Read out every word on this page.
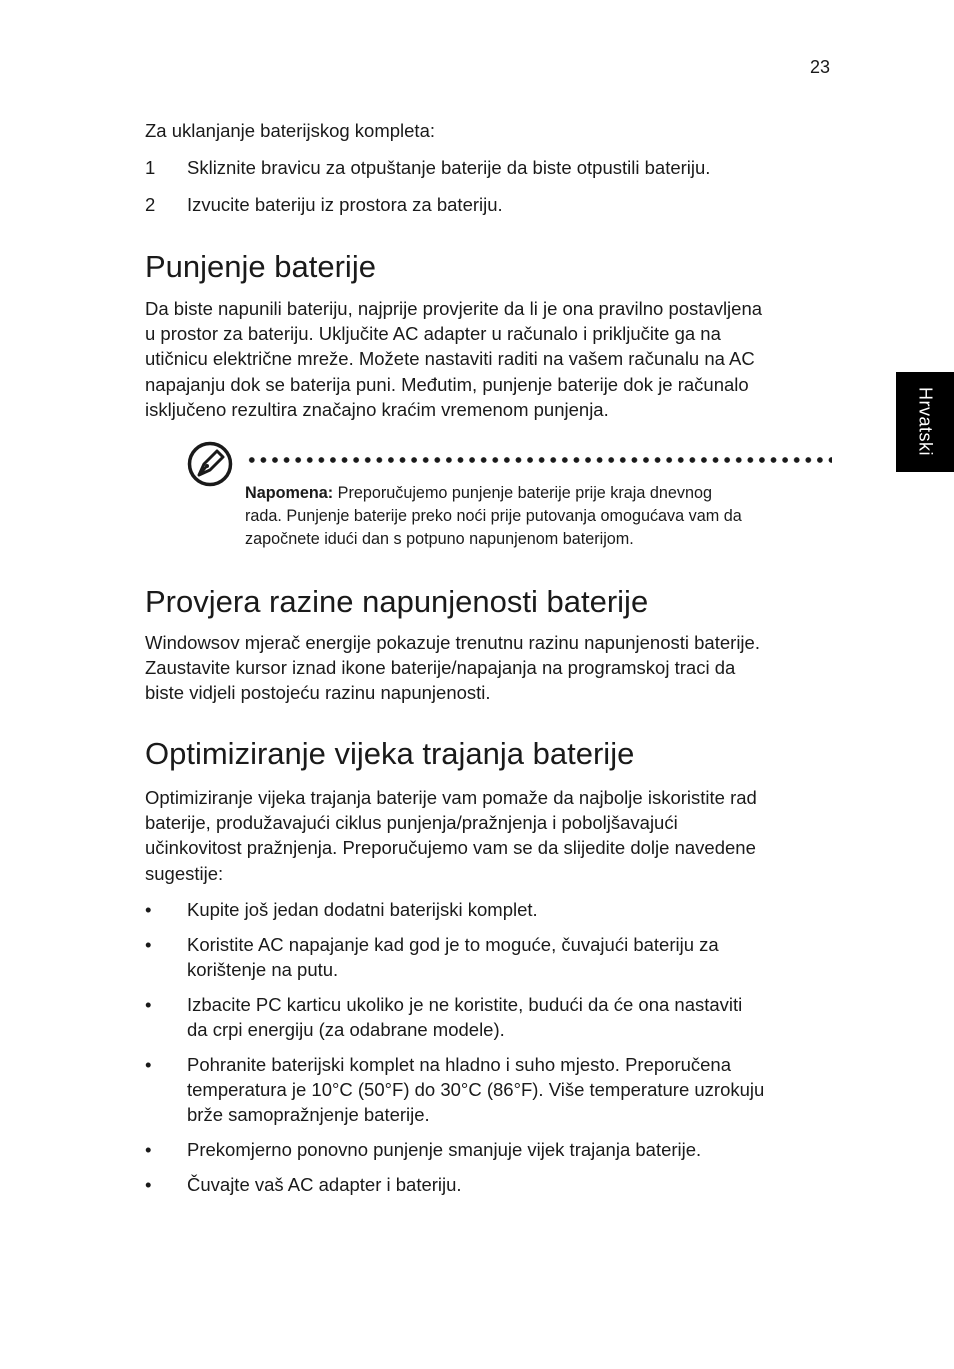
23
Hrvatski

Za uklanjanje baterijskog kompleta:

1 Skliznite bravicu za otpuštanje baterije da biste otpustili bateriju.
2 Izvucite bateriju iz prostora za bateriju.
Punjenje baterije
Da biste napunili bateriju, najprije provjerite da li je ona pravilno postavljena
u prostor za bateriju. Uključite AC adapter u računalo i priključite ga na
utičnicu električne mreže. Možete nastaviti raditi na vašem računalu na AC
napajanju dok se baterija puni. Međutim, punjenje baterije dok je računalo
isključeno rezultira značajno kraćim vremenom punjenja.
Provjera razine napunjenosti baterije
Windowsov mjerač energije pokazuje trenutnu razinu napunjenosti baterije.
Zaustavite kursor iznad ikone baterije/napajanja na programskoj traci da
biste vidjeli postojeću razinu napunjenosti.
Optimiziranje vijeka trajanja baterije
Optimiziranje vijeka trajanja baterije vam pomaže da najbolje iskoristite rad
baterije, produžavajući ciklus punjenja/pražnjenja i poboljšavajući
učinkovitost pražnjenja. Preporučujemo vam se da slijedite dolje navedene
sugestije:
• Kupite još jedan dodatni baterijski komplet.
• Koristite AC napajanje kad god je to moguće, čuvajući bateriju za
korištenje na putu.
• Izbacite PC karticu ukoliko je ne koristite, budući da će ona nastaviti
da crpi energiju (za odabrane modele).
• Pohranite baterijski komplet na hladno i suho mjesto. Preporučena
temperatura je 10°C (50°F) do 30°C (86°F). Više temperature uzrokuju
brže samopražnjenje baterije.
• Prekomjerno ponovno punjenje smanjuje vijek trajanja baterije.
• Čuvajte vaš AC adapter i bateriju.
Napomena: Preporučujemo punjenje baterije prije kraja dnevnog
rada. Punjenje baterije preko noći prije putovanja omogućava vam da
započnete idući dan s potpuno napunjenom baterijom.
